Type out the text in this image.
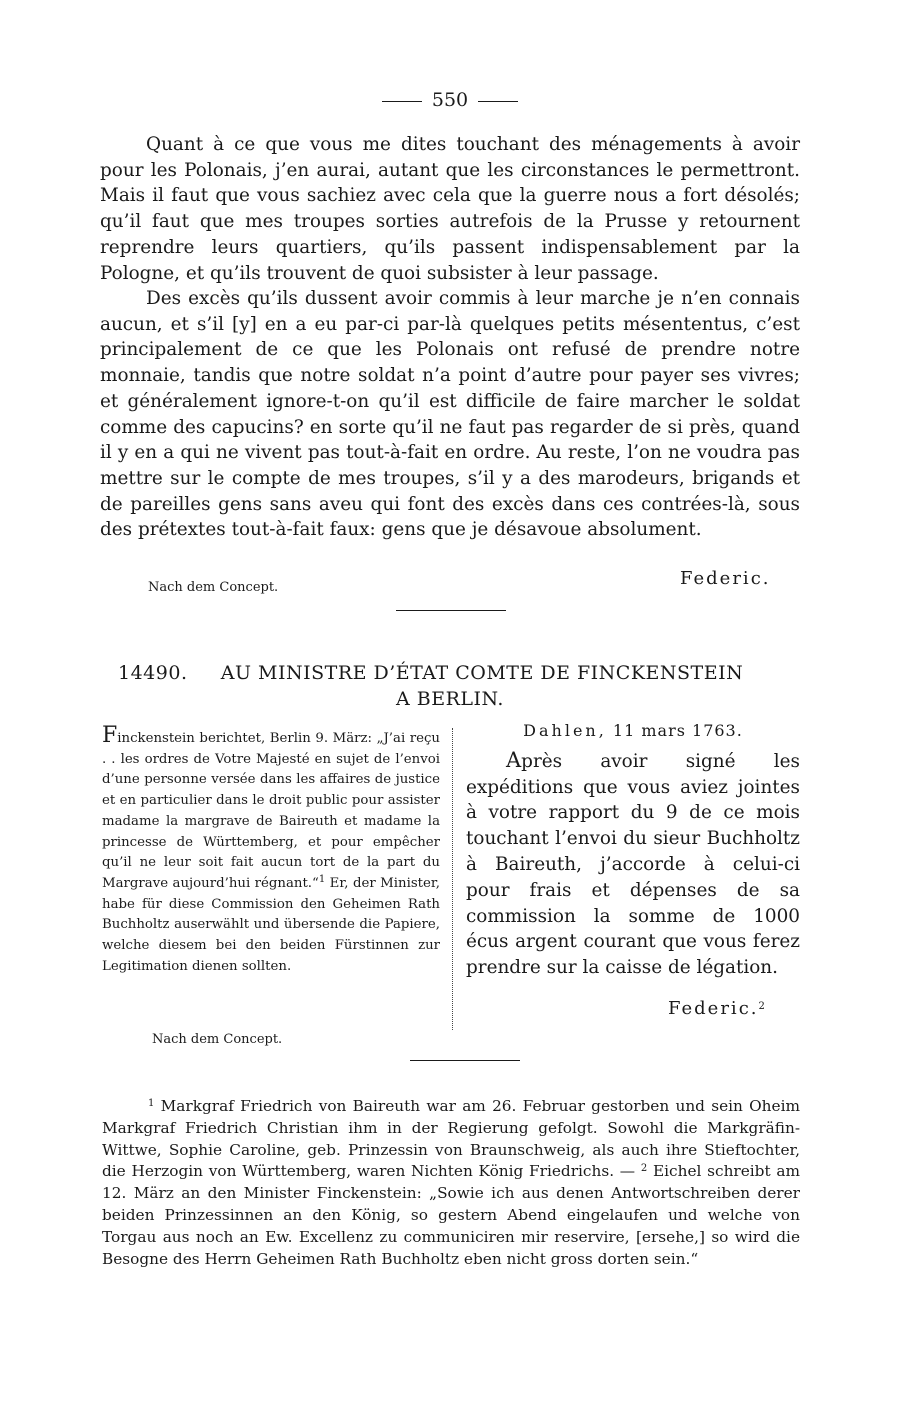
550

Quant à ce que vous me dites touchant des ménagements à avoir pour les Polonais, j’en aurai, autant que les circonstances le permettront. Mais il faut que vous sachiez avec cela que la guerre nous a fort désolés; qu’il faut que mes troupes sorties autrefois de la Prusse y retournent reprendre leurs quartiers, qu’ils passent indispensablement par la Pologne, et qu’ils trouvent de quoi subsister à leur passage.

Des excès qu’ils dussent avoir commis à leur marche je n’en connais aucun, et s’il [y] en a eu par-ci par-là quelques petits mésententus, c’est principalement de ce que les Polonais ont refusé de prendre notre monnaie, tandis que notre soldat n’a point d’autre pour payer ses vivres; et généralement ignore-t-on qu’il est difficile de faire marcher le soldat comme des capucins? en sorte qu’il ne faut pas regarder de si près, quand il y en a qui ne vivent pas tout-à-fait en ordre. Au reste, l’on ne voudra pas mettre sur le compte de mes troupes, s’il y a des marodeurs, brigands et de pareilles gens sans aveu qui font des excès dans ces contrées-là, sous des prétextes tout-à-fait faux: gens que je désavoue absolument.

Nach dem Concept.	Federic.
14490.	AU MINISTRE D’ÉTAT COMTE DE FINCKENSTEIN
A BERLIN.
Finckenstein berichtet, Berlin 9. März: „J’ai reçu . . les ordres de Votre Majesté en sujet de l’envoi d’une personne versée dans les affaires de justice et en particulier dans le droit public pour assister madame la margrave de Baireuth et madame la princesse de Württemberg, et pour empêcher qu’il ne leur soit fait aucun tort de la part du Margrave aujourd’hui régnant.“$^1$ Er, der Minister, habe für diese Commission den Geheimen Rath Buchholtz auserwählt und übersende die Papiere, welche diesem bei den beiden Fürstinnen zur Legitimation dienen sollten.
Dahlen, 11 mars 1763.

Après avoir signé les expéditions que vous aviez jointes à votre rapport du 9 de ce mois touchant l’envoi du sieur Buchholtz à Baireuth, j’accorde à celui-ci pour frais et dépenses de sa commission la somme de 1000 écus argent courant que vous ferez prendre sur la caisse de légation.

Federic.$^2$
Nach dem Concept.

$^1$ Markgraf Friedrich von Baireuth war am 26. Februar gestorben und sein Oheim Markgraf Friedrich Christian ihm in der Regierung gefolgt. Sowohl die Markgräfin-Wittwe, Sophie Caroline, geb. Prinzessin von Braunschweig, als auch ihre Stieftochter, die Herzogin von Württemberg, waren Nichten König Friedrichs. — $^2$ Eichel schreibt am 12. März an den Minister Finckenstein: „Sowie ich aus denen Antwortschreiben derer beiden Prinzessinnen an den König, so gestern Abend eingelaufen und welche von Torgau aus noch an Ew. Excellenz zu communiciren mir reservire, [ersehe,] so wird die Besogne des Herrn Geheimen Rath Buchholtz eben nicht gross dorten sein.“
